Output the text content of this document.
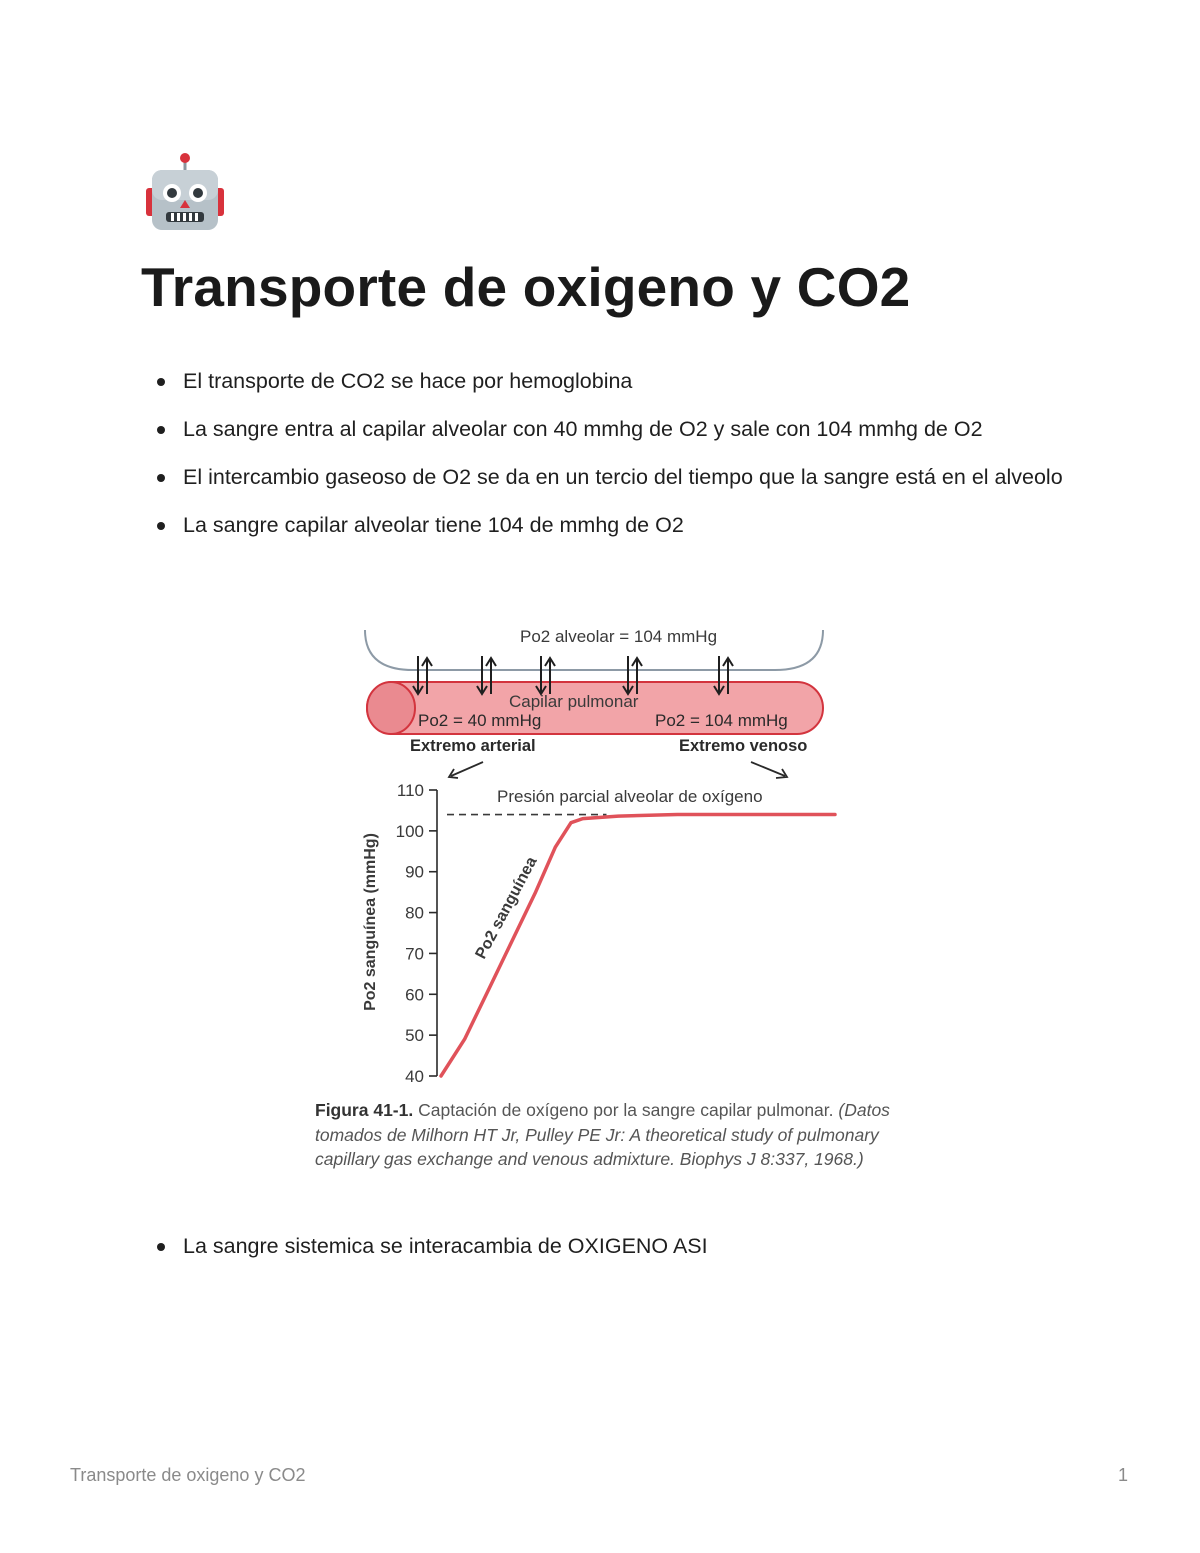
Transporte de oxigeno y CO2
El transporte de CO2 se hace por hemoglobina
La sangre entra al capilar alveolar con 40 mmhg de O2 y sale con 104 mmhg de O2
El intercambio gaseoso de O2 se da en un tercio del tiempo que la sangre está en el alveolo
La sangre capilar alveolar tiene 104 de mmhg de O2
Po2 alveolar = 104 mmHg
Capilar pulmonar
Po2 = 40 mmHg	Po2 = 104 mmHg
Extremo arterial	Extremo venoso
40
50
60
70
80
90
100
110	Presión parcial alveolar de oxígeno
Po2 sanguínea
Po2 sanguínea (mmHg)
Figura 41-1. Captación de oxígeno por la sangre capilar pulmonar. (Datos tomados de Milhorn HT Jr, Pulley PE Jr: A theoretical study of pulmonary capillary gas exchange and venous admixture. Biophys J 8:337, 1968.)
La sangre sistemica se interacambia de OXIGENO ASI
Transporte de oxigeno y CO2	1
